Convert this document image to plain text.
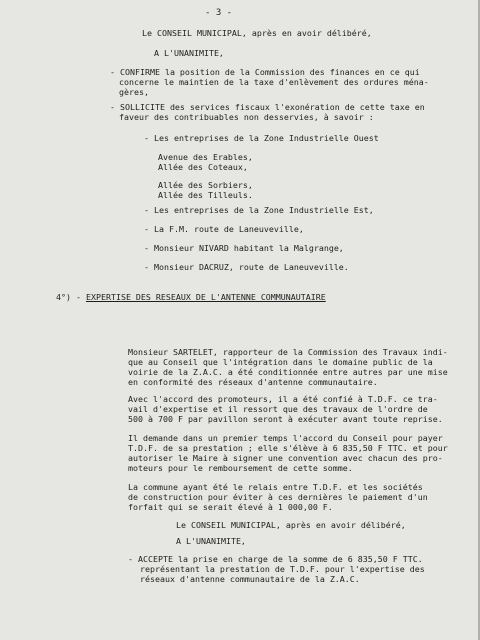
- 3 -
Le CONSEIL MUNICIPAL, après en avoir délibéré,
A L'UNANIMITE,
- CONFIRME la position de la Commission des finances en ce qui
concerne le maintien de la taxe d'enlèvement des ordures ména-
gères,
- SOLLICITE des services fiscaux l'exonération de cette taxe en
faveur des contribuables non desservies, à savoir :
- Les entreprises de la Zone Industrielle Ouest
Avenue des Erables,
Allée des Coteaux,
Allée des Sorbiers,
Allée des Tilleuls.
- Les entreprises de la Zone Industrielle Est,
- La F.M. route de Laneuveville,
- Monsieur NIVARD habitant la Malgrange,
- Monsieur DACRUZ, route de Laneuveville.
4°) - EXPERTISE DES RESEAUX DE L'ANTENNE COMMUNAUTAIRE
Monsieur SARTELET, rapporteur de la Commission des Travaux indi-
que au Conseil que l'intégration dans le domaine public de la
voirie de la Z.A.C. a été conditionnée entre autres par une mise
en conformité des réseaux d'antenne communautaire.
Avec l'accord des promoteurs, il a été confié à T.D.F. ce tra-
vail d'expertise et il ressort que des travaux de l'ordre de
500 à 700 F par pavillon seront à exécuter avant toute reprise.
Il demande dans un premier temps l'accord du Conseil pour payer
T.D.F. de sa prestation ; elle s'élève à 6 835,50 F TTC. et pour
autoriser le Maire à signer une convention avec chacun des pro-
moteurs pour le remboursement de cette somme.
La commune ayant été le relais entre T.D.F. et les sociétés
de construction pour éviter à ces dernières le paiement d'un
forfait qui se serait élevé à 1 000,00 F.
Le CONSEIL MUNICIPAL, après en avoir délibéré,
A L'UNANIMITE,
- ACCEPTE la prise en charge de la somme de 6 835,50 F TTC.
représentant la prestation de T.D.F. pour l'expertise des
réseaux d'antenne communautaire de la Z.A.C.
